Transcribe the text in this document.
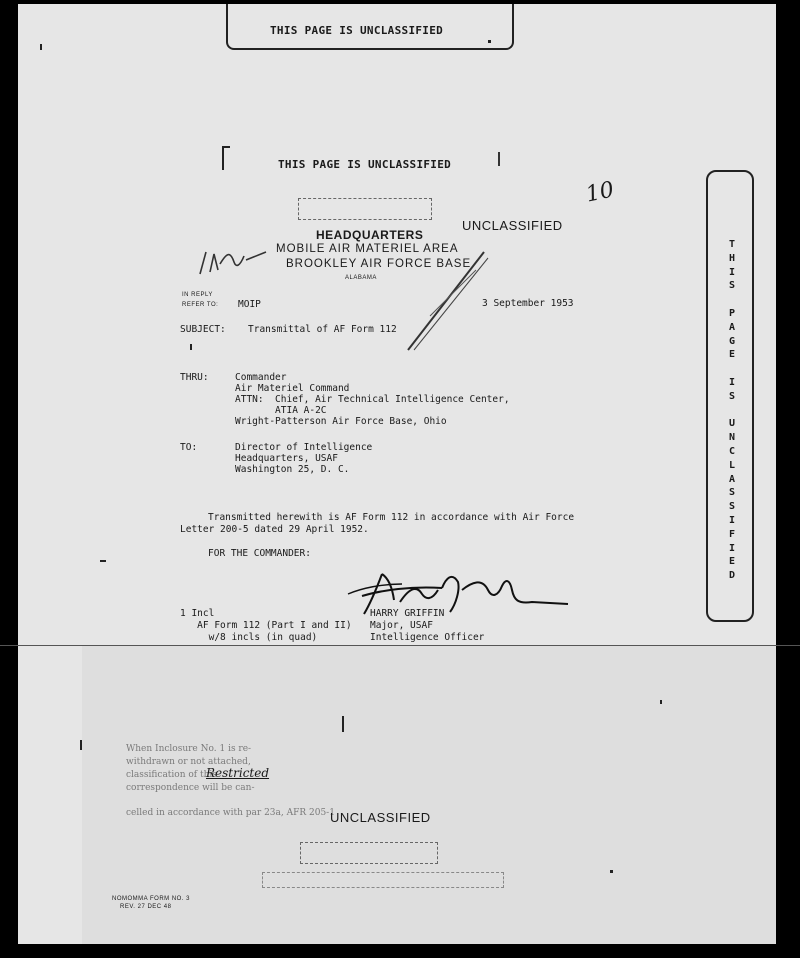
THIS PAGE IS UNCLASSIFIED
THIS PAGE IS UNCLASSIFIED
10
HEADQUARTERS
MOBILE AIR MATERIEL AREA
BROOKLEY AIR FORCE BASE
ALABAMA
UNCLASSIFIED
IN REPLY
REFER TO: MOIP	3 September 1953
SUBJECT: Transmittal of AF Form 112
THRU:	Commander
Air Materiel Command
ATTN:  Chief, Air Technical Intelligence Center,
ATIA A-2C
Wright-Patterson Air Force Base, Ohio
TO:	Director of Intelligence
Headquarters, USAF
Washington 25, D. C.
Transmitted herewith is AF Form 112 in accordance with Air Force
Letter 200-5 dated 29 April 1952.
FOR THE COMMANDER:
1 Incl
AF Form 112 (Part I and II)
w/8 incls (in quad)
HARRY GRIFFIN
Major, USAF
Intelligence Officer
T
H
I
S

P
A
G
E

I
S

U
N
C
L
A
S
S
I
F
I
E
D
When Inclosure No. 1 is re-
withdrawn or not attached,
classification of this
Restricted
correspondence will be can-
celled in accordance with par 23a, AFR 205-1
UNCLASSIFIED
NOMOMMA FORM NO. 3
REV. 27 DEC 48
